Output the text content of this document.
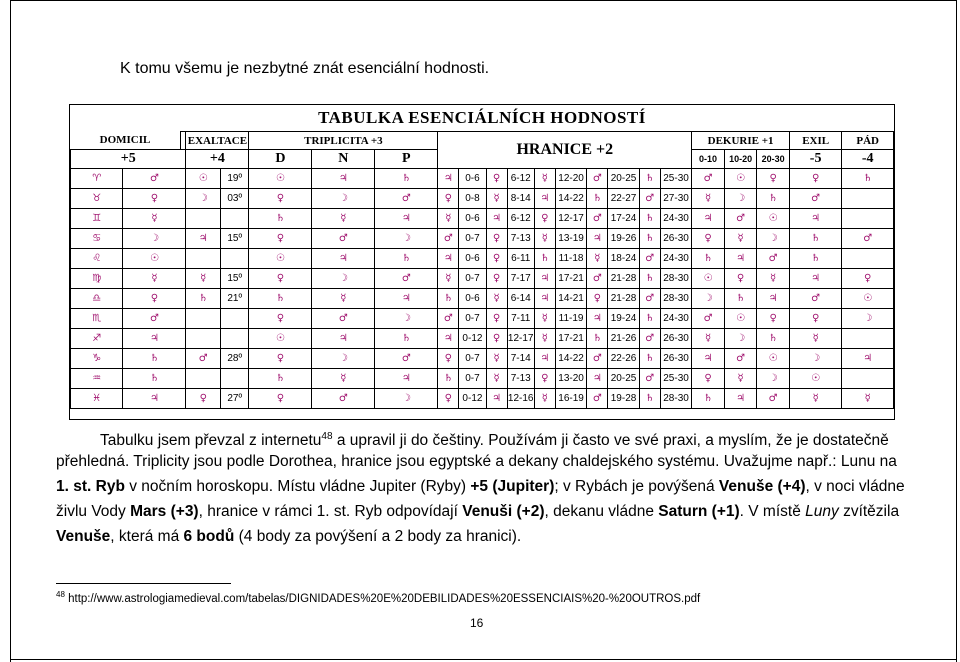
K tomu všemu je nezbytné znát esenciální hodnosti.
TABULKA ESENCIÁLNÍCH HODNOSTÍ
		EXALTACE		TRIPLICITA +3			HRANICE +2										DEKURIE +1			EXIL	PÁD
+5		+4		D	N	P											0-10	10-20	20-30	-5	-4
♈	♂	☉	19º	☉	♃	♄	♃	0-6	♀	6-12	☿	12-20	♂	20-25	♄	25-30	♂	☉	♀	♀	♄
♉	♀	☽	03º	♀	☽	♂	♀	0-8	☿	8-14	♃	14-22	♄	22-27	♂	27-30	☿	☽	♄	♂	
♊	☿			♄	☿	♃	☿	0-6	♃	6-12	♀	12-17	♂	17-24	♄	24-30	♃	♂	☉	♃	
♋	☽	♃	15º	♀	♂	☽	♂	0-7	♀	7-13	☿	13-19	♃	19-26	♄	26-30	♀	☿	☽	♄	♂
♌	☉			☉	♃	♄	♃	0-6	♀	6-11	♄	11-18	☿	18-24	♂	24-30	♄	♃	♂	♄	
♍	☿	☿	15º	♀	☽	♂	☿	0-7	♀	7-17	♃	17-21	♂	21-28	♄	28-30	☉	♀	☿	♃	♀
♎	♀	♄	21º	♄	☿	♃	♄	0-6	☿	6-14	♃	14-21	♀	21-28	♂	28-30	☽	♄	♃	♂	☉
♏	♂			♀	♂	☽	♂	0-7	♀	7-11	☿	11-19	♃	19-24	♄	24-30	♂	☉	♀	♀	☽
♐	♃			☉	♃	♄	♃	0-12	♀	12-17	☿	17-21	♄	21-26	♂	26-30	☿	☽	♄	☿	
♑	♄	♂	28º	♀	☽	♂	♀	0-7	☿	7-14	♃	14-22	♂	22-26	♄	26-30	♃	♂	☉	☽	♃
♒	♄			♄	☿	♃	♄	0-7	☿	7-13	♀	13-20	♃	20-25	♂	25-30	♀	☿	☽	☉	
♓	♃	♀	27º	♀	♂	☽	♀	0-12	♃	12-16	☿	16-19	♂	19-28	♄	28-30	♄	♃	♂	☿	☿
DOMICIL
Tabulku jsem převzal z internetu$^{48}$ a upravil ji do češtiny. Používám ji často ve své praxi, a myslím, že je dostatečně
přehledná. Triplicity jsou podle Dorothea, hranice jsou egyptské a dekany chaldejského systému. Uvažujme např.: Lunu na
1. st. Ryb v nočním horoskopu. Místu vládne Jupiter (Ryby) +5 (Jupiter); v Rybách je povýšená Venuše (+4), v noci vládne
živlu Vody Mars (+3), hranice v rámci 1. st. Ryb odpovídají Venuši (+2), dekanu vládne Saturn (+1). V místě Luny zvítězila
Venuše, která má 6 bodů (4 body za povýšení a 2 body za hranici).
$^{48}$ http://www.astrologiamedieval.com/tabelas/DIGNIDADES%20E%20DEBILIDADES%20ESSENCIAIS%20-%20OUTROS.pdf
16
